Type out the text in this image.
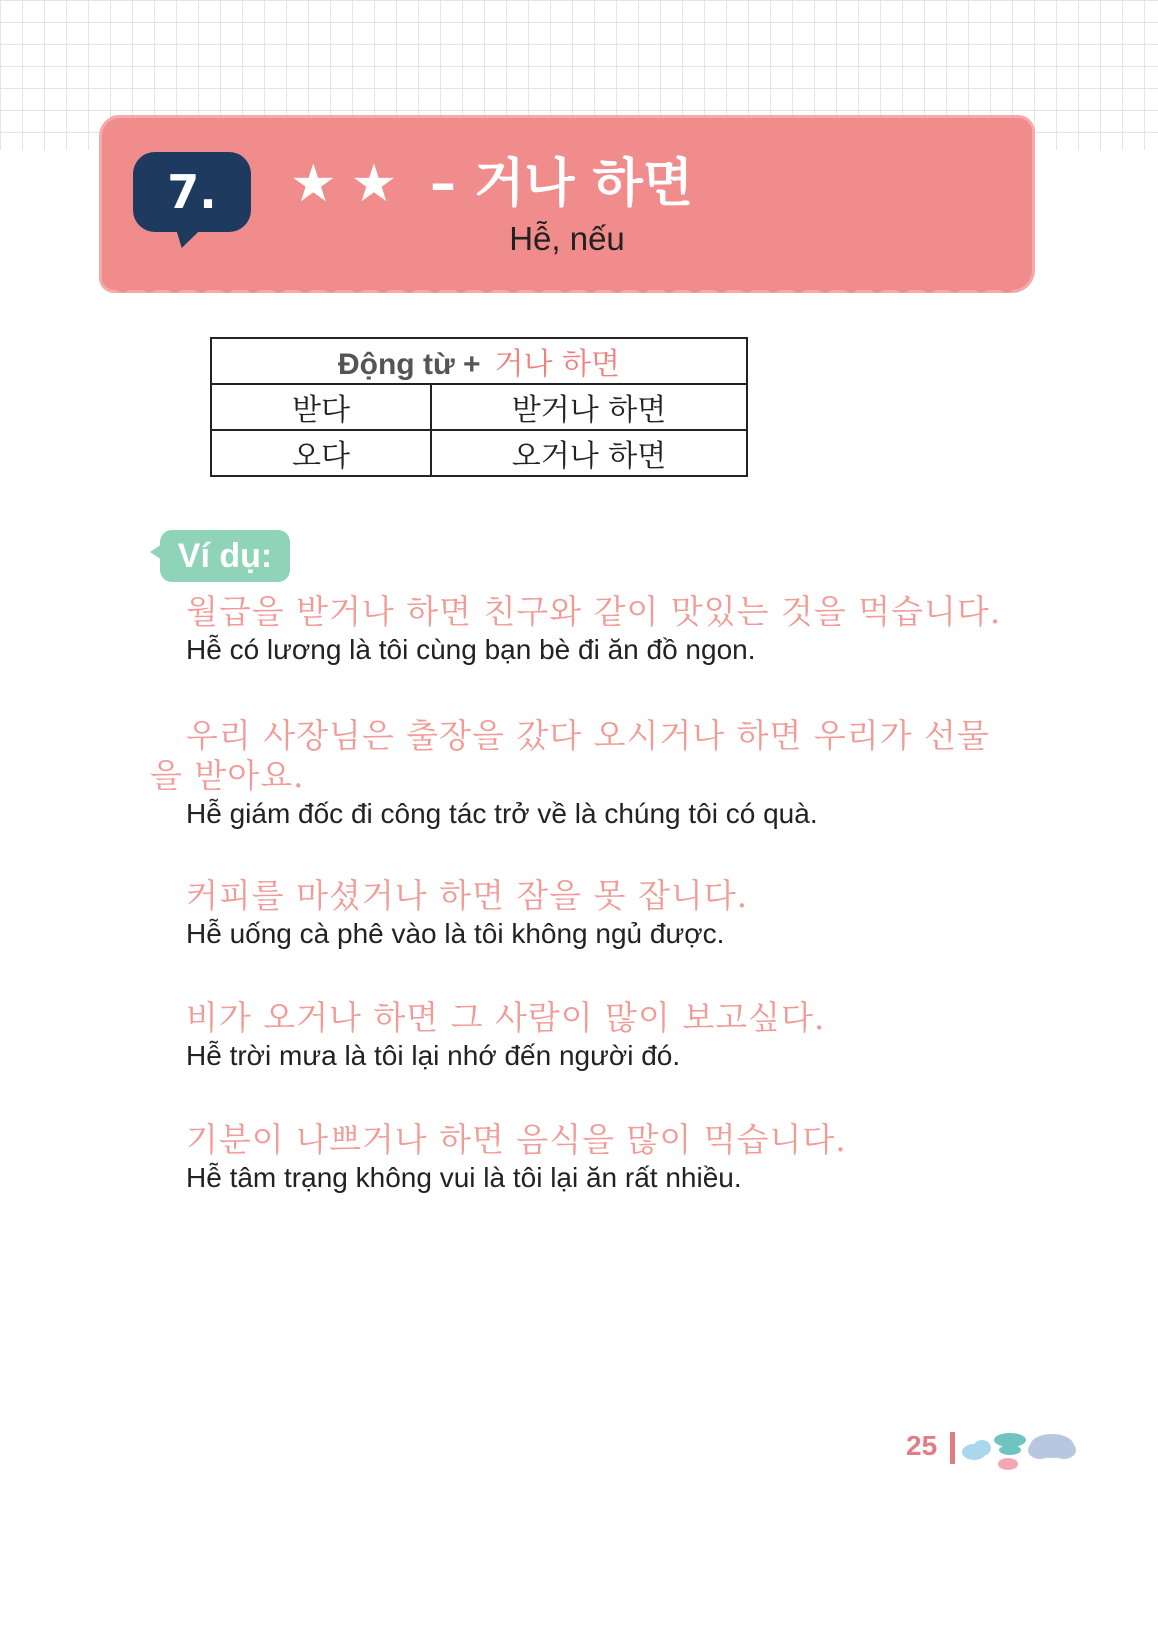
7. ★★ – 거나 하면
Hễ, nếu
Động từ + 거나 하면	
받다	받거나 하면
오다	오거나 하면
Ví dụ:
월급을 받거나 하면 친구와 같이 맛있는 것을 먹습니다.
Hễ có lương là tôi cùng bạn bè đi ăn đồ ngon.
우리 사장님은 출장을 갔다 오시거나 하면 우리가 선물
을 받아요.
Hễ giám đốc đi công tác trở về là chúng tôi có quà.
커피를 마셨거나 하면 잠을 못 잡니다.
Hễ uống cà phê vào là tôi không ngủ được.
비가 오거나 하면 그 사람이 많이 보고싶다.
Hễ trời mưa là tôi lại nhớ đến người đó.
기분이 나쁘거나 하면 음식을 많이 먹습니다.
Hễ tâm trạng không vui là tôi lại ăn rất nhiều.
25
